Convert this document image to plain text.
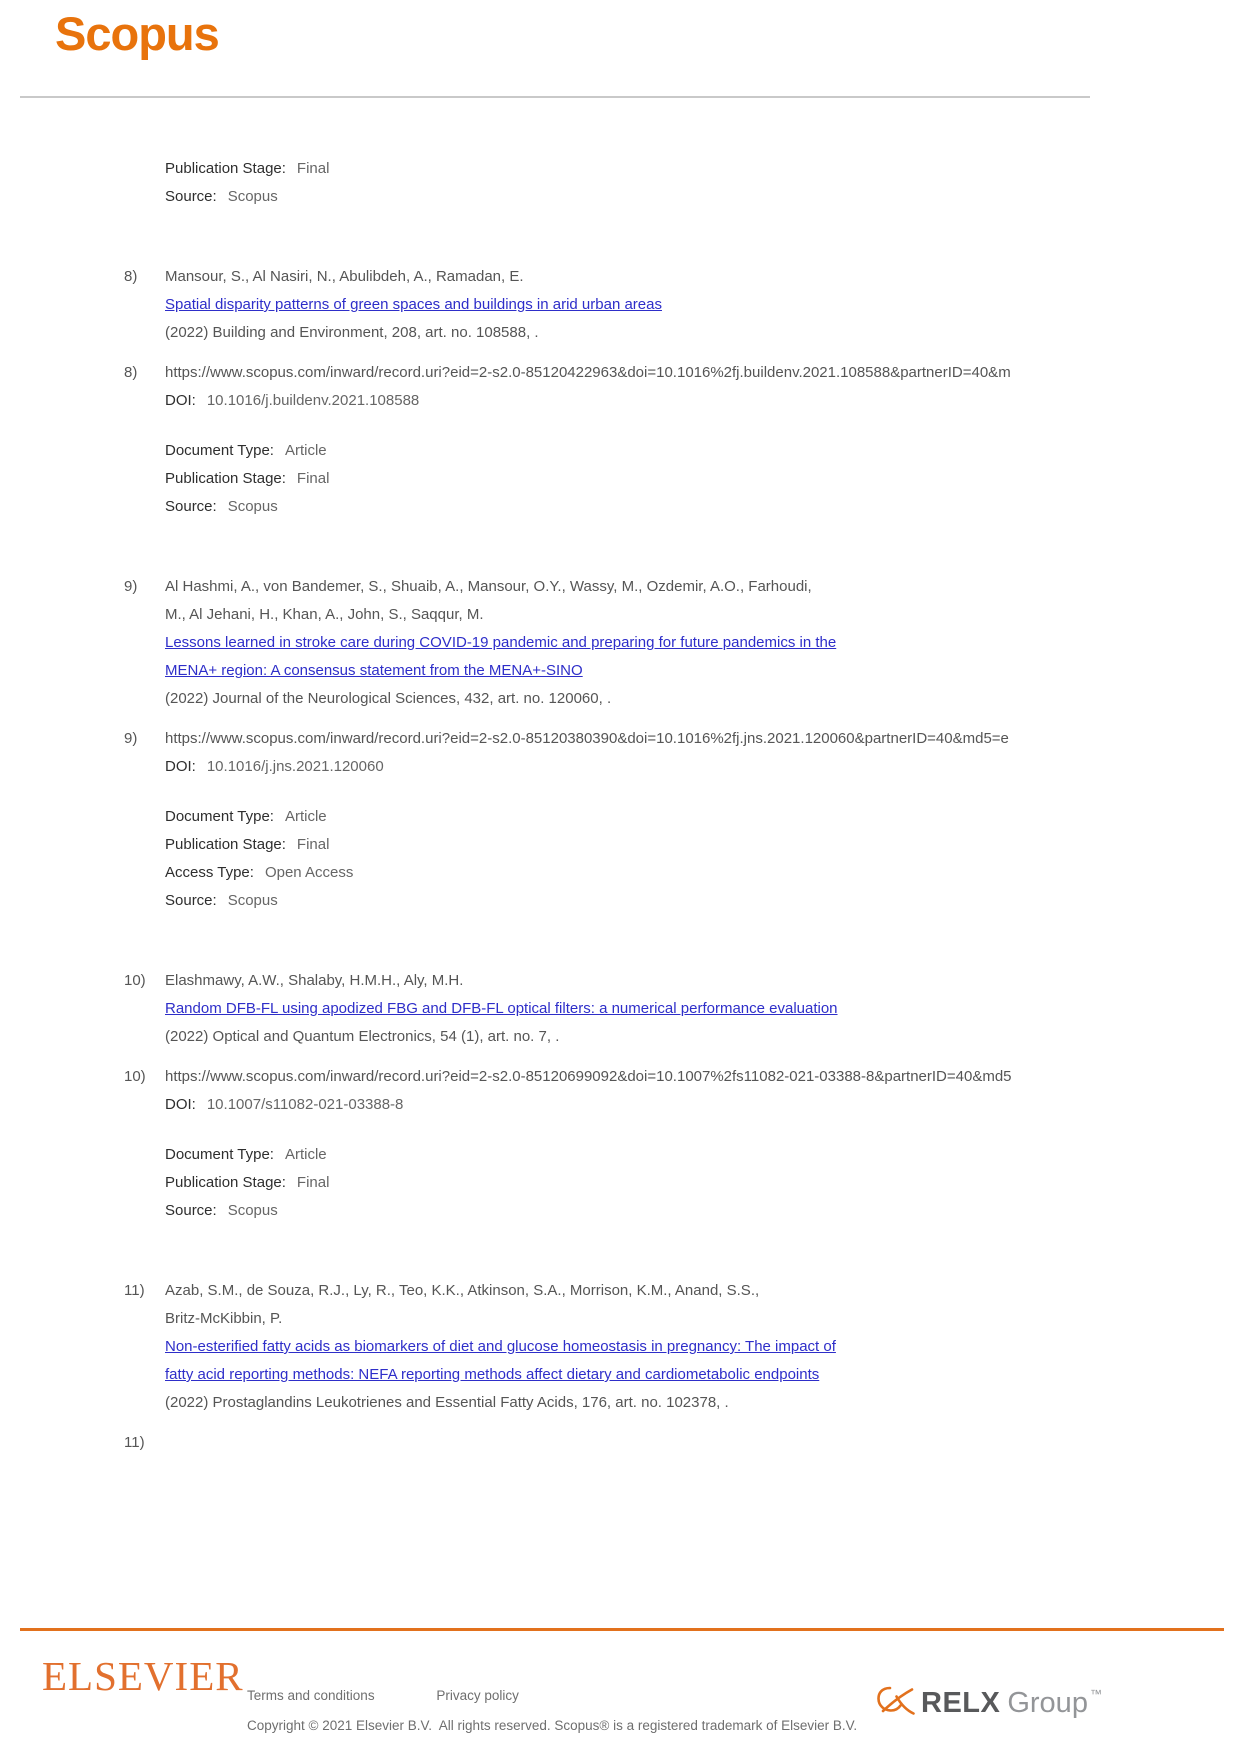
Scopus
Publication Stage: Final
Source: Scopus
8)	Mansour, S., Al Nasiri, N., Abulibdeh, A., Ramadan, E.
Spatial disparity patterns of green spaces and buildings in arid urban areas
(2022) Building and Environment, 208, art. no. 108588, .
8)	https://www.scopus.com/inward/record.uri?eid=2-s2.0-85120422963&doi=10.1016%2fj.buildenv.2021.108588&partnerID=40&m
DOI: 10.1016/j.buildenv.2021.108588
Document Type: Article
Publication Stage: Final
Source: Scopus
9)	Al Hashmi, A., von Bandemer, S., Shuaib, A., Mansour, O.Y., Wassy, M., Ozdemir, A.O., Farhoudi,
M., Al Jehani, H., Khan, A., John, S., Saqqur, M.
Lessons learned in stroke care during COVID-19 pandemic and preparing for future pandemics in the
MENA+ region: A consensus statement from the MENA+-SINO
(2022) Journal of the Neurological Sciences, 432, art. no. 120060, .
9)	https://www.scopus.com/inward/record.uri?eid=2-s2.0-85120380390&doi=10.1016%2fj.jns.2021.120060&partnerID=40&md5=e
DOI: 10.1016/j.jns.2021.120060
Document Type: Article
Publication Stage: Final
Access Type: Open Access
Source: Scopus
10)	Elashmawy, A.W., Shalaby, H.M.H., Aly, M.H.
Random DFB-FL using apodized FBG and DFB-FL optical filters: a numerical performance evaluation
(2022) Optical and Quantum Electronics, 54 (1), art. no. 7, .
10)	https://www.scopus.com/inward/record.uri?eid=2-s2.0-85120699092&doi=10.1007%2fs11082-021-03388-8&partnerID=40&md5
DOI: 10.1007/s11082-021-03388-8
Document Type: Article
Publication Stage: Final
Source: Scopus
11)	Azab, S.M., de Souza, R.J., Ly, R., Teo, K.K., Atkinson, S.A., Morrison, K.M., Anand, S.S.,
Britz-McKibbin, P.
Non-esterified fatty acids as biomarkers of diet and glucose homeostasis in pregnancy: The impact of
fatty acid reporting methods: NEFA reporting methods affect dietary and cardiometabolic endpoints
(2022) Prostaglandins Leukotrienes and Essential Fatty Acids, 176, art. no. 102378, .
11)
ELSEVIER Terms and conditions	Privacy policy
Copyright © 2021 Elsevier B.V.  All rights reserved. Scopus® is a registered trademark of Elsevier B.V.
RELX Group ™
